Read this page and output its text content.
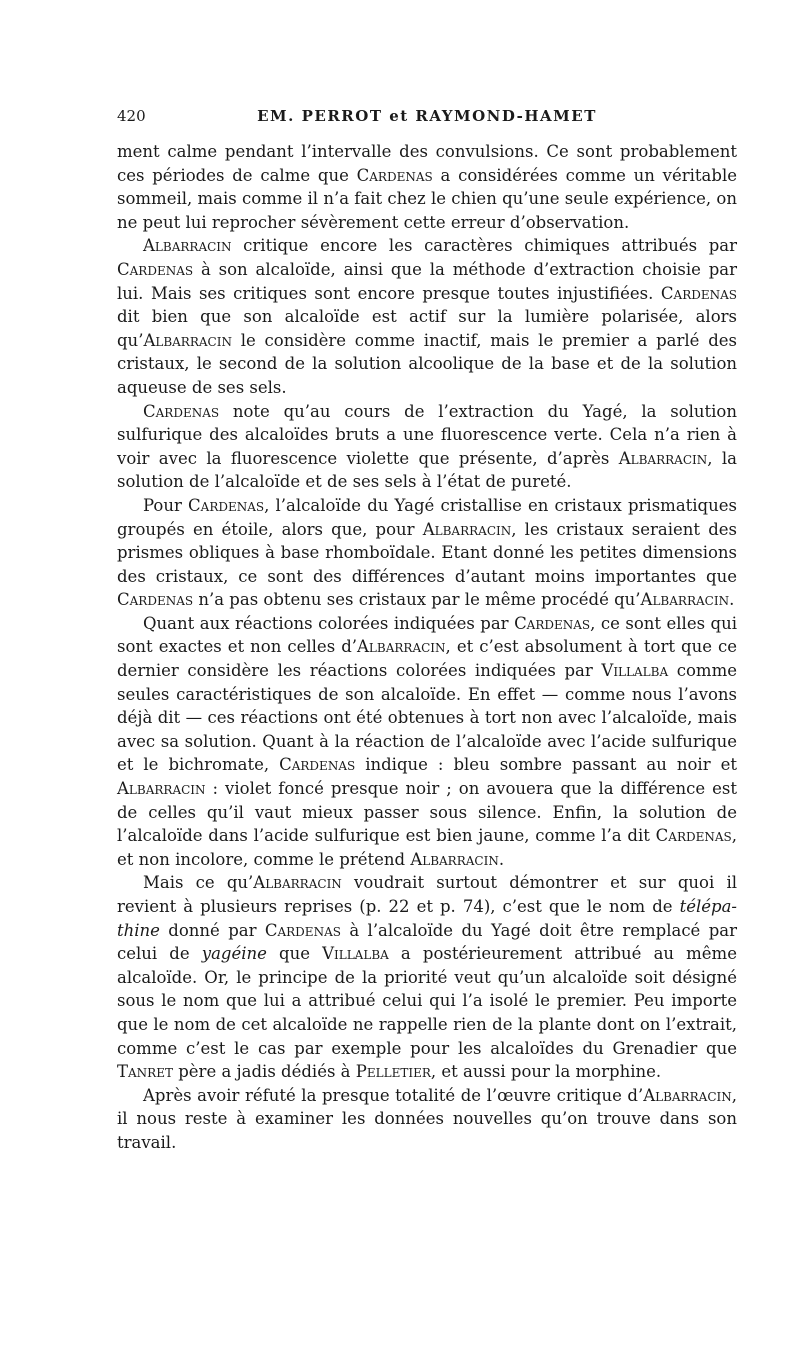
420	EM. PERROT et RAYMOND-HAMET

ment calme pendant l’intervalle des convulsions. Ce sont probablement ces périodes de calme que Cardenas a considérées comme un véritable sommeil, mais comme il n’a fait chez le chien qu’une seule expérience, on ne peut lui reprocher sévèrement cette erreur d’observation.

Albarracin critique encore les caractères chimiques attribués par Cardenas à son alcaloïde, ainsi que la méthode d’extraction choisie par lui. Mais ses critiques sont encore presque toutes injustifiées. Cardenas dit bien que son alcaloïde est actif sur la lumière polarisée, alors qu’Albarracin le considère comme inactif, mais le premier a parlé des cristaux, le second de la solution alcoolique de la base et de la solution aqueuse de ses sels.

Cardenas note qu’au cours de l’extraction du Yagé, la solution sulfurique des alcaloïdes bruts a une fluorescence verte. Cela n’a rien à voir avec la fluorescence violette que présente, d’après Albarracin, la solution de l’alcaloïde et de ses sels à l’état de pureté.

Pour Cardenas, l’alcaloïde du Yagé cristallise en cristaux prismatiques groupés en étoile, alors que, pour Albarracin, les cristaux seraient des prismes obliques à base rhomboïdale. Etant donné les petites dimensions des cristaux, ce sont des différences d’autant moins importantes que Cardenas n’a pas obtenu ses cristaux par le même procédé qu’Albarracin.

Quant aux réactions colorées indiquées par Cardenas, ce sont elles qui sont exactes et non celles d’Albarracin, et c’est absolument à tort que ce dernier considère les réactions colorées indiquées par Villalba comme seules caractéristiques de son alcaloïde. En effet — comme nous l’avons déjà dit — ces réactions ont été obtenues à tort non avec l’alcaloïde, mais avec sa solution. Quant à la réaction de l’alcaloïde avec l’acide sulfurique et le bichromate, Cardenas indique : bleu sombre passant au noir et Albarracin : violet foncé presque noir ; on avouera que la différence est de celles qu’il vaut mieux passer sous silence. Enfin, la solution de l’alcaloïde dans l’acide sulfurique est bien jaune, comme l’a dit Cardenas, et non incolore, comme le prétend Albarracin.

Mais ce qu’Albarracin voudrait surtout démontrer et sur quoi il revient à plusieurs reprises (p. 22 et p. 74), c’est que le nom de télépathine donné par Cardenas à l’alcaloïde du Yagé doit être remplacé par celui de yagéine que Villalba a postérieurement attribué au même alcaloïde. Or, le principe de la priorité veut qu’un alcaloïde soit désigné sous le nom que lui a attribué celui qui l’a isolé le premier. Peu importe que le nom de cet alcaloïde ne rappelle rien de la plante dont on l’extrait, comme c’est le cas par exemple pour les alcaloïdes du Grenadier que Tanret père a jadis dédiés à Pelletier, et aussi pour la morphine.

Après avoir réfuté la presque totalité de l’œuvre critique d’Albarracin, il nous reste à examiner les données nouvelles qu’on trouve dans son travail.
